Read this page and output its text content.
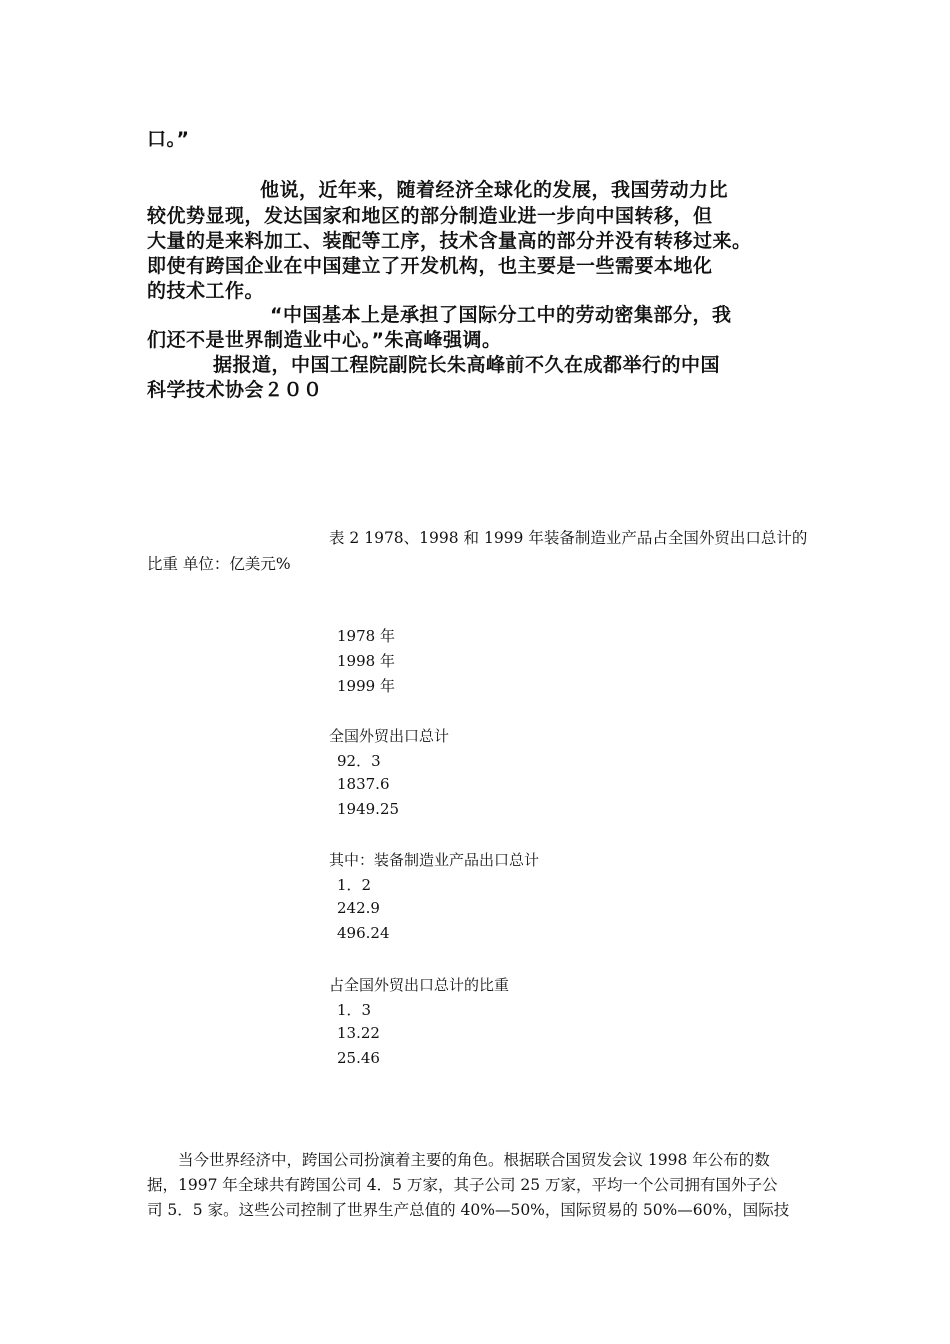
口。”
他说，近年来，随着经济全球化的发展，我国劳动力比
较优势显现，发达国家和地区的部分制造业进一步向中国转移，但
大量的是来料加工、装配等工序，技术含量高的部分并没有转移过来。
即使有跨国企业在中国建立了开发机构，也主要是一些需要本地化
的技术工作。
“中国基本上是承担了国际分工中的劳动密集部分，我
们还不是世界制造业中心。”朱高峰强调。
据报道，中国工程院副院长朱高峰前不久在成都举行的中国
科学技术协会２００
表 2 1978、1998 和 1999 年装备制造业产品占全国外贸出口总计的
比重 单位：亿美元%
1978 年
1998 年
1999 年
全国外贸出口总计
92．3
1837.6
1949.25
其中：装备制造业产品出口总计
1．2
242.9
496.24
占全国外贸出口总计的比重
1．3
13.22
25.46
当今世界经济中，跨国公司扮演着主要的角色。根据联合国贸发会议 1998 年公布的数
据，1997 年全球共有跨国公司 4．5 万家，其子公司 25 万家，平均一个公司拥有国外子公
司 5．5 家。这些公司控制了世界生产总值的 40%—50%，国际贸易的 50%—60%，国际技
